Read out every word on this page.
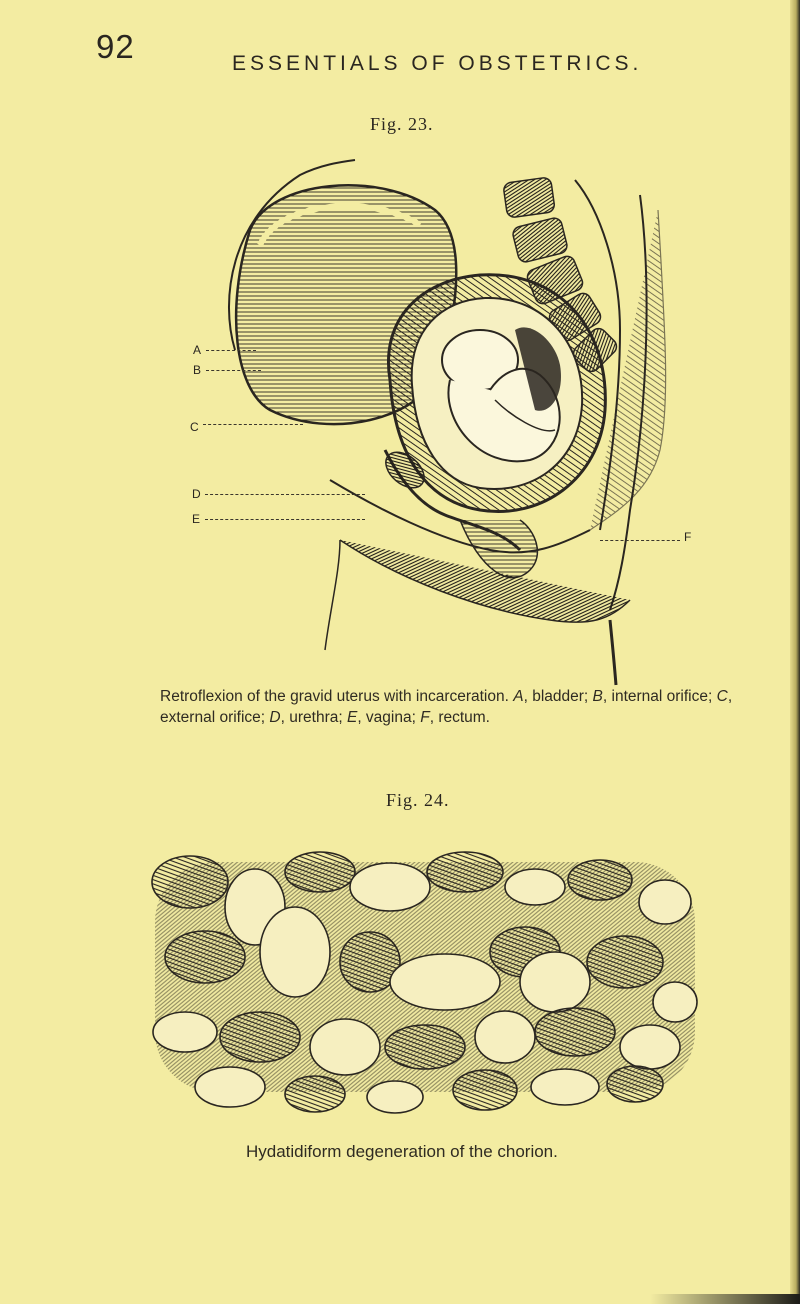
92	ESSENTIALS OF OBSTETRICS.
Fig. 23.
A
B
C
D
E
F
Retroflexion of the gravid uterus with incarceration. A, bladder; B, internal orifice; C, external orifice; D, urethra; E, vagina; F, rectum.
Fig. 24.
Hydatidiform degeneration of the chorion.
